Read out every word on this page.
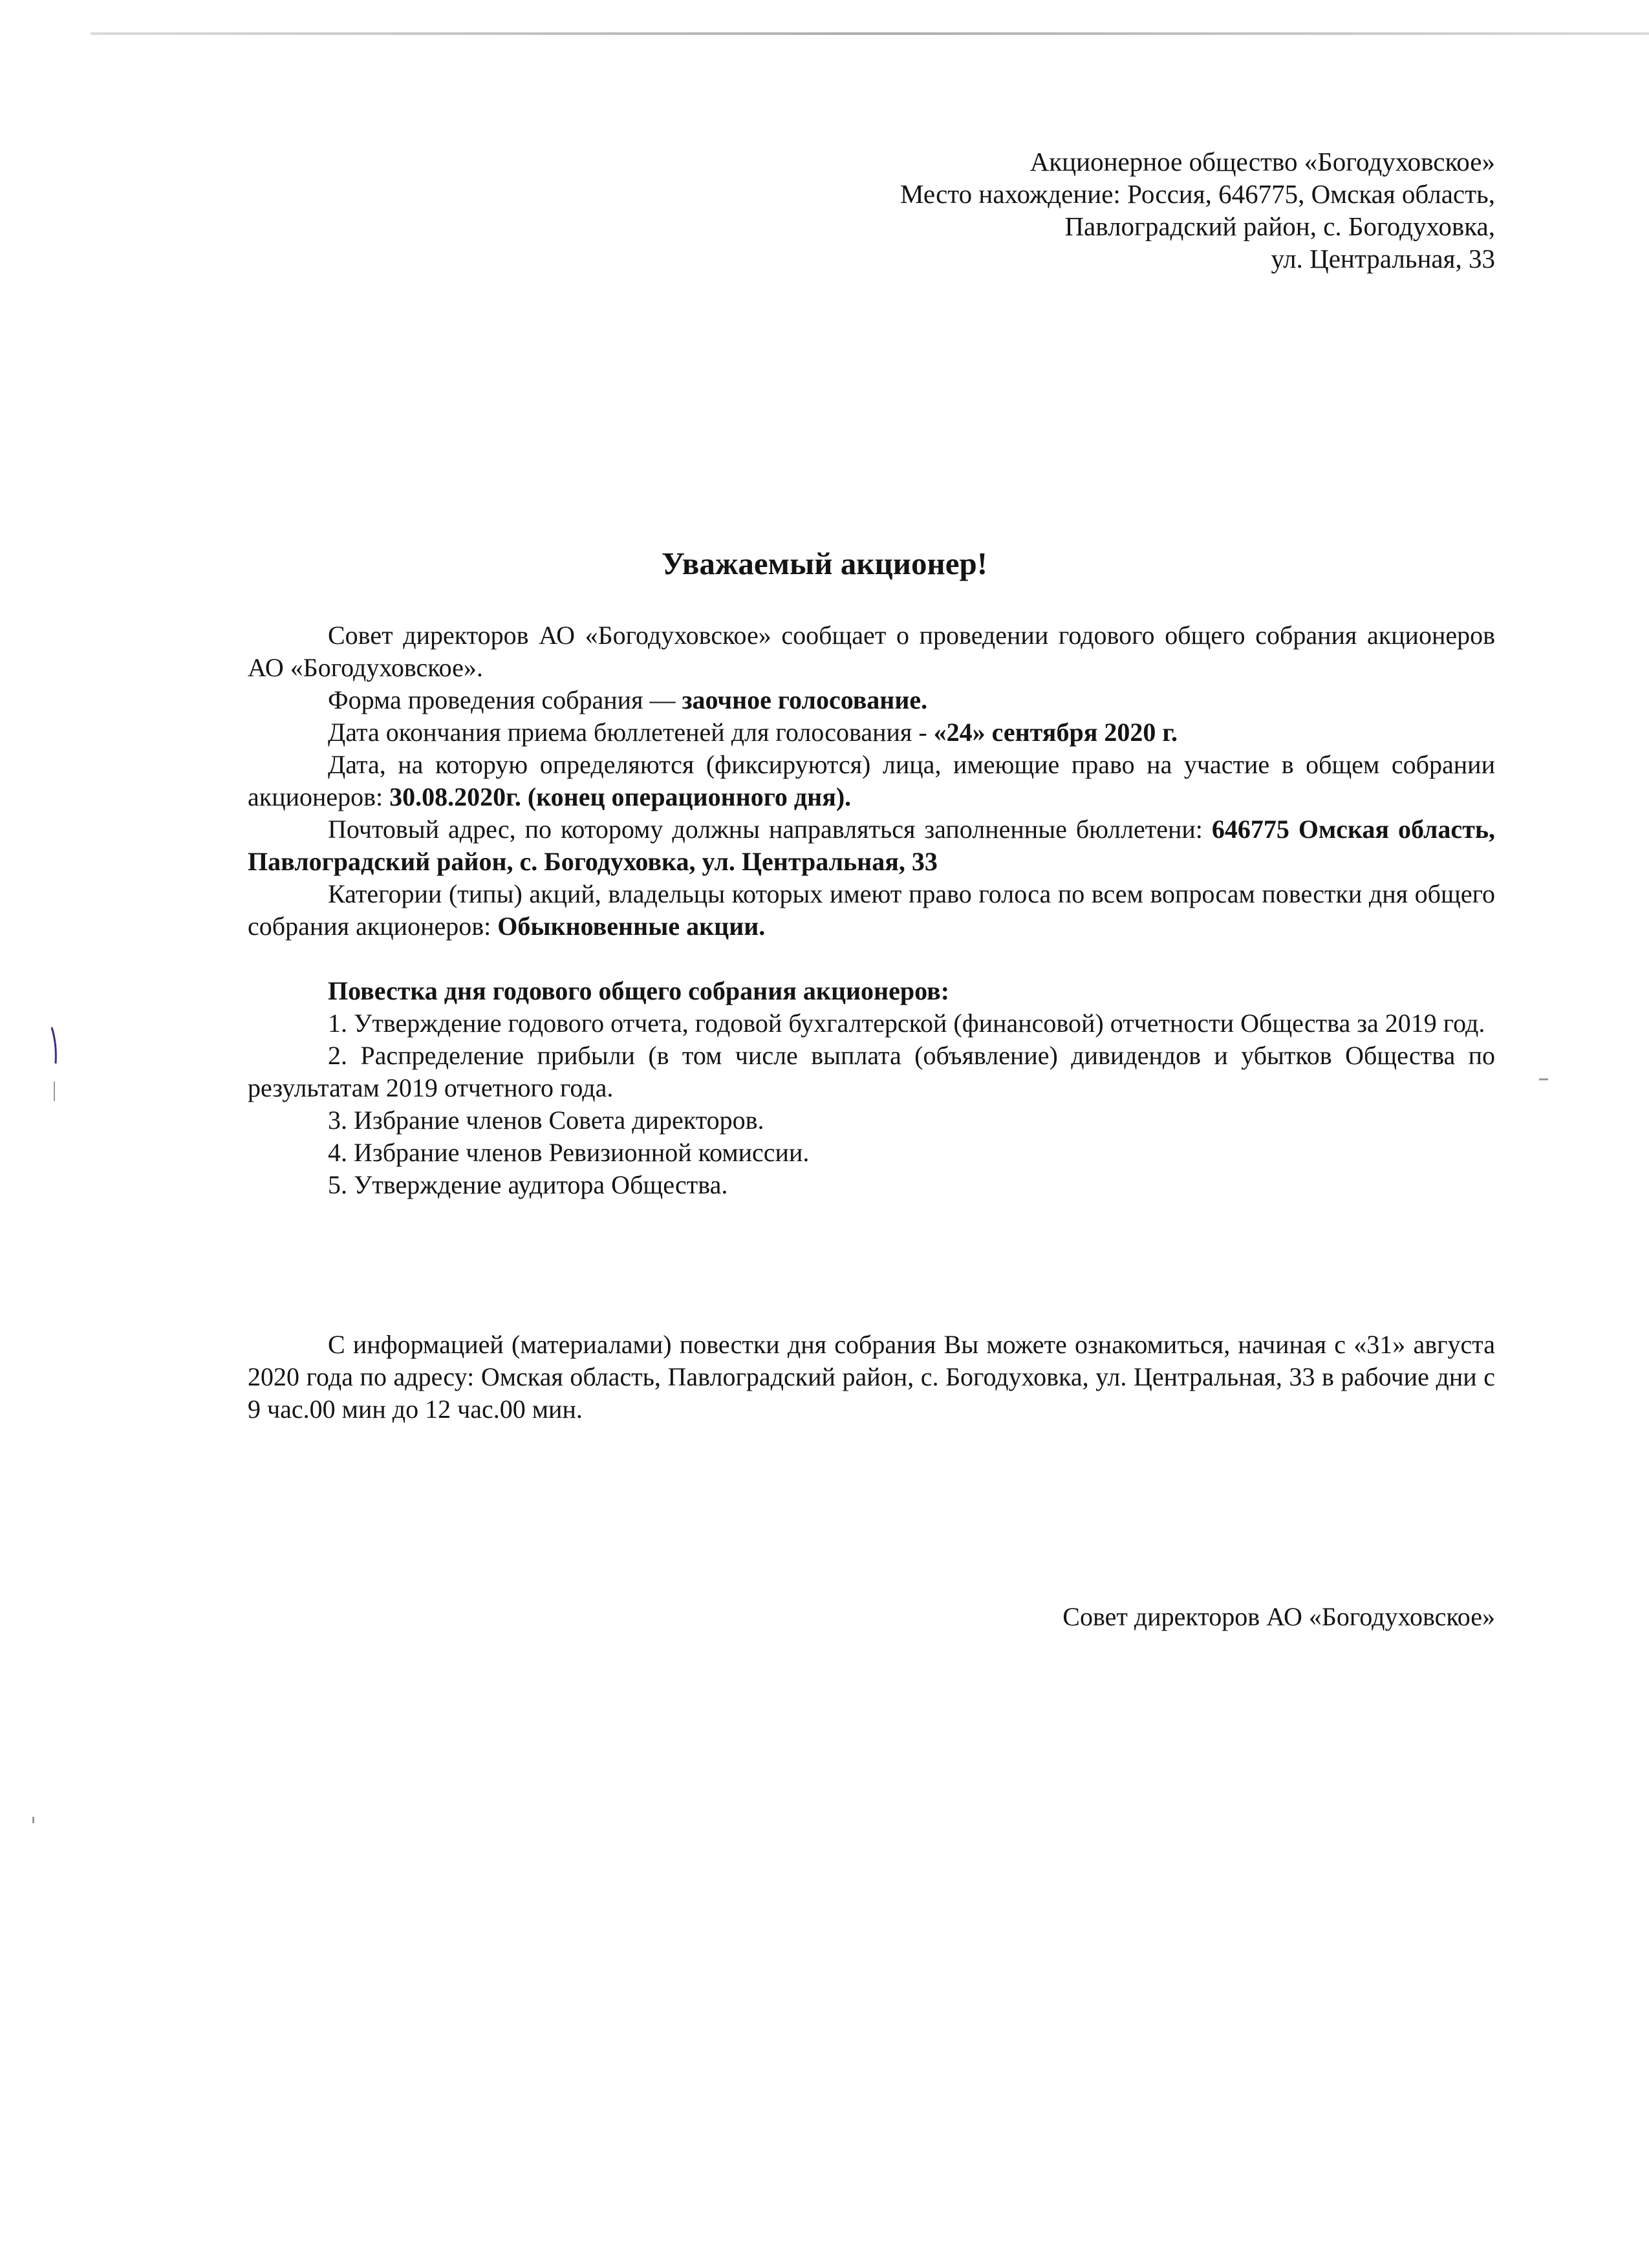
Акционерное общество «Богодуховское»
Место нахождение: Россия, 646775, Омская область,
Павлоградский район, с. Богодуховка,
ул. Центральная, 33
Уважаемый акционер!

Совет директоров АО «Богодуховское» сообщает о проведении годового общего собрания акционеров АО «Богодуховское».

Форма проведения собрания — заочное голосование.

Дата окончания приема бюллетеней для голосования - «24» сентября 2020 г.

Дата, на которую определяются (фиксируются) лица, имеющие право на участие в общем собрании акционеров: 30.08.2020г. (конец операционного дня).

Почтовый адрес, по которому должны направляться заполненные бюллетени: 646775 Омская область, Павлоградский район, с. Богодуховка, ул. Центральная, 33

Категории (типы) акций, владельцы которых имеют право голоса по всем вопросам повестки дня общего собрания акционеров: Обыкновенные акции.

Повестка дня годового общего собрания акционеров:

1. Утверждение годового отчета, годовой бухгалтерской (финансовой) отчетности Общества за 2019 год.

2. Распределение прибыли (в том числе выплата (объявление) дивидендов и убытков Общества по результатам 2019 отчетного года.

3. Избрание членов Совета директоров.

4. Избрание членов Ревизионной комиссии.

5. Утверждение аудитора Общества.

С информацией (материалами) повестки дня собрания Вы можете ознакомиться, начиная с «31» августа 2020 года по адресу: Омская область, Павлоградский район, с. Богодуховка, ул. Центральная, 33 в рабочие дни с 9 час.00 мин до 12 час.00 мин.

Совет директоров АО «Богодуховское»
